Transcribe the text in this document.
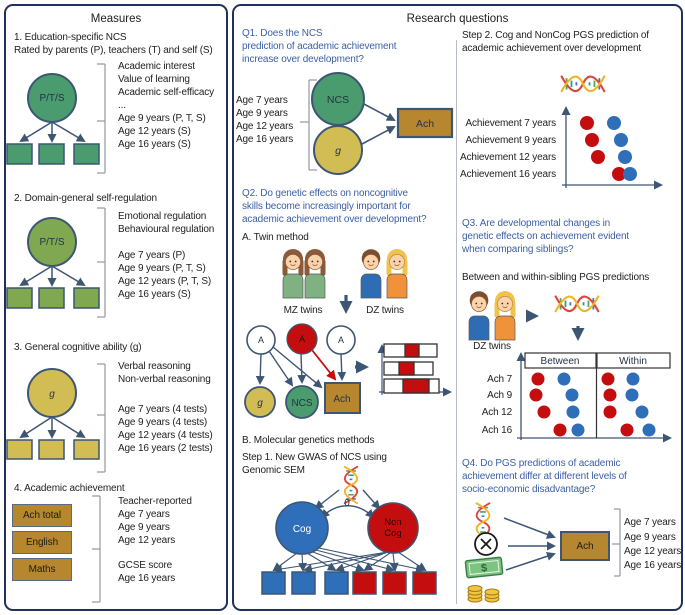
Measures
1. Education-specific NCS
Rated by parents (P), teachers (T) and self (S)
P/T/S
Academic interest
Value of learning
Academic self-efficacy
...
Age 9 years (P, T, S)
Age 12 years (S)
Age 16 years (S)
2. Domain-general self-regulation
P/T/S
Emotional regulation
Behavioural regulation
Age 7 years (P)
Age 9 years (P, T, S)
Age 12 years (P, T, S)
Age 16 years (S)
3. General cognitive ability (g)
g
Verbal reasoning
Non-verbal reasoning
Age 7 years (4 tests)
Age 9 years (4 tests)
Age 12 years (4 tests)
Age 16 years (2 tests)
4. Academic achievement
Ach total
English
Maths
Teacher-reported
Age 7 years
Age 9 years
Age 12 years
GCSE score
Age 16 years
Research questions
Q1. Does the NCS
prediction of academic achievement
increase over development?
Age 7 years
Age 9 years
Age 12 years
Age 16 years
NCS
g
Ach
Q2. Do genetic effects on noncognitive
skills become increasingly important for
academic achievement over development?
A. Twin method
MZ twins	DZ twins
A	A	A
g	NCS Ach
B. Molecular genetics methods
Step 1. New GWAS of NCS using
Genomic SEM
0
Cog
Non
Cog
Step 2. Cog and NonCog PGS prediction of
academic achievement over development
Achievement 7 years
Achievement 9 years
Achievement 12 years
Achievement 16 years
Q3. Are developmental changes in
genetic effects on achievement evident
when comparing siblings?
Between and within-sibling PGS predictions
DZ twins
Ach 7
Ach 9
Ach 12
Ach 16
Between	Within
Q4. Do PGS predictions of academic
achievement differ at different levels of
socio-economic disadvantage?
$
Ach
Age 7 years
Age 9 years
Age 12 years
Age 16 years
